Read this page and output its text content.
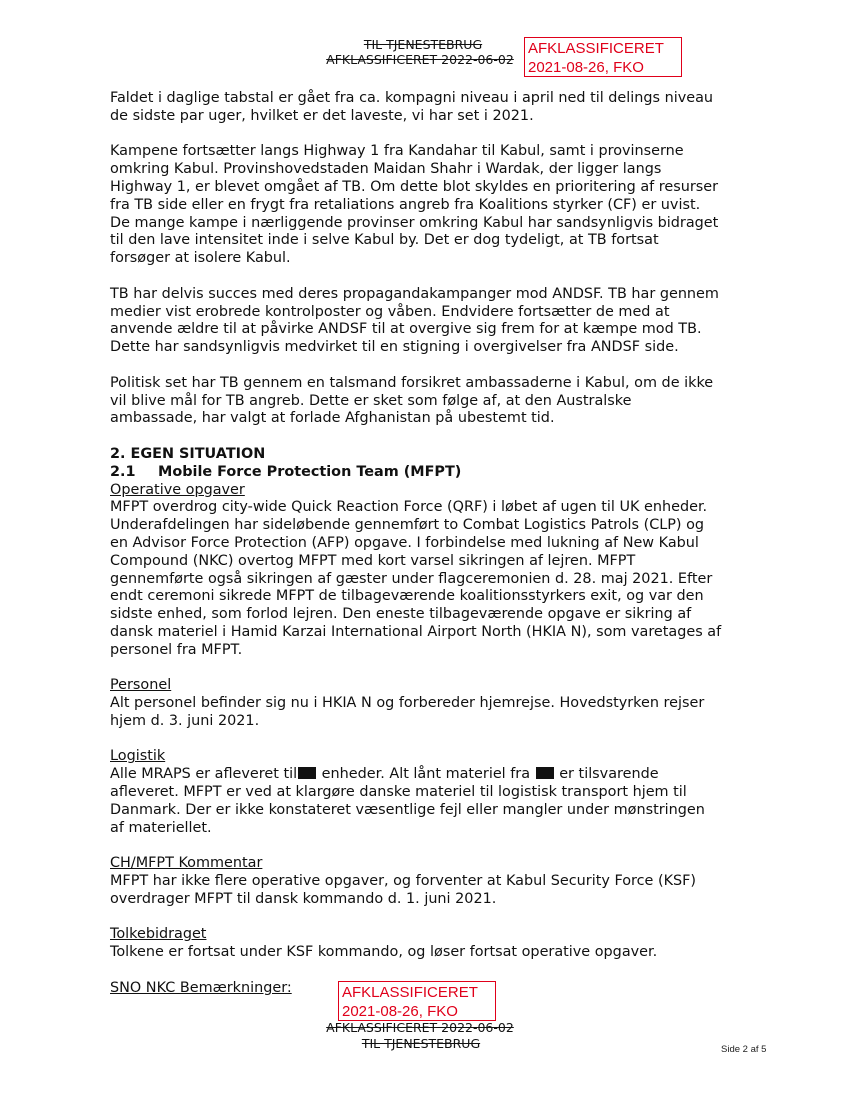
TIL TJENESTEBRUG
AFKLASSIFICERET 2022-06-02
AFKLASSIFICERET
2021-08-26, FKO

Faldet i daglige tabstal er gået fra ca. kompagni niveau i april ned til delings niveau de sidste par uger, hvilket er det laveste, vi har set i 2021.

Kampene fortsætter langs Highway 1 fra Kandahar til Kabul, samt i provinserne omkring Kabul. Provinshovedstaden Maidan Shahr i Wardak, der ligger langs Highway 1, er blevet omgået af TB. Om dette blot skyldes en prioritering af resurser fra TB side eller en frygt fra retaliations angreb fra Koalitions styrker (CF) er uvist. De mange kampe i nærliggende provinser omkring Kabul har sandsynligvis bidraget til den lave intensitet inde i selve Kabul by. Det er dog tydeligt, at TB fortsat forsøger at isolere Kabul.

TB har delvis succes med deres propagandakampanger mod ANDSF. TB har gennem medier vist erobrede kontrolposter og våben. Endvidere fortsætter de med at anvende ældre til at påvirke ANDSF til at overgive sig frem for at kæmpe mod TB. Dette har sandsynligvis medvirket til en stigning i overgivelser fra ANDSF side.

Politisk set har TB gennem en talsmand forsikret ambassaderne i Kabul, om de ikke vil blive mål for TB angreb. Dette er sket som følge af, at den Australske ambassade, har valgt at forlade Afghanistan på ubestemt tid.

2. EGEN SITUATION

2.1 Mobile Force Protection Team (MFPT)

Operative opgaver

MFPT overdrog city-wide Quick Reaction Force (QRF) i løbet af ugen til UK enheder. Underafdelingen har sideløbende gennemført to Combat Logistics Patrols (CLP) og en Advisor Force Protection (AFP) opgave. I forbindelse med lukning af New Kabul Compound (NKC) overtog MFPT med kort varsel sikringen af lejren. MFPT gennemførte også sikringen af gæster under flagceremonien d. 28. maj 2021. Efter endt ceremoni sikrede MFPT de tilbageværende koalitionsstyrkers exit, og var den sidste enhed, som forlod lejren. Den eneste tilbageværende opgave er sikring af dansk materiel i Hamid Karzai International Airport North (HKIA N), som varetages af personel fra MFPT.

Personel

Alt personel befinder sig nu i HKIA N og forbereder hjemrejse. Hovedstyrken rejser hjem d. 3. juni 2021.

Logistik

Alle MRAPS er afleveret til enheder. Alt lånt materiel fra er tilsvarende afleveret. MFPT er ved at klargøre danske materiel til logistisk transport hjem til Danmark. Der er ikke konstateret væsentlige fejl eller mangler under mønstringen af materiellet.

CH/MFPT Kommentar

MFPT har ikke flere operative opgaver, og forventer at Kabul Security Force (KSF) overdrager MFPT til dansk kommando d. 1. juni 2021.

Tolkebidraget

Tolkene er fortsat under KSF kommando, og løser fortsat operative opgaver.

SNO NKC Bemærkninger:	AFKLASSIFICERET
2021-08-26, FKO
AFKLASSIFICERET 2022-06-02
TIL TJENESTEBRUG	Side 2 af 5
